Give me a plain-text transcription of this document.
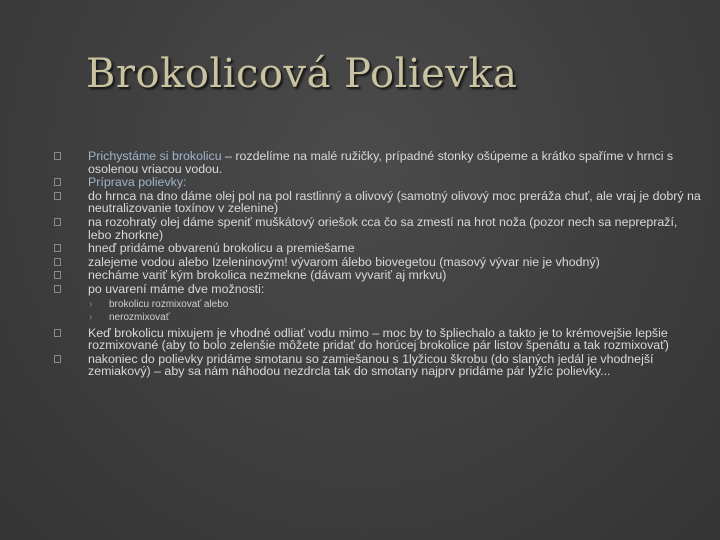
Brokolicová Polievka
Prichystáme si brokolicu – rozdelíme na malé ružičky, prípadné stonky ošúpeme a krátko spaříme v hrnci s osolenou vriacou vodou.
Príprava polievky:
do hrnca na dno dáme olej pol na pol rastlinný a olivový (samotný olivový moc preráža chuť, ale vraj je dobrý na neutralizovanie toxínov v zelenine)
na rozohratý olej dáme speniť muškátový oriešok cca čo sa zmestí na hrot noža (pozor nech sa neprepraží, lebo zhorkne)
hneď pridáme obvarenú brokolicu a premiešame
zalejeme vodou alebo Izeleninovým! vývarom álebo biovegetou (masový vývar nie je vhodný)
necháme variť kým brokolica nezmekne (dávam vyvariť aj mrkvu)
po uvarení máme dve možnosti:
› brokolicu rozmixovať alebo
› nerozmixovať
Keď brokolicu mixujem je vhodné odliať vodu mimo – moc by to špliechalo a takto je to krémovejšie lepšie rozmixované (aby to bolo zelenšie môžete pridať do horúcej brokolice pár listov špenátu a tak rozmixovať)
nakoniec do polievky pridáme smotanu so zamiešanou s 1lyžicou škrobu (do slaných jedál je vhodnejší zemiakový) – aby sa nám náhodou nezdrcla tak do smotany najprv pridáme pár lyžíc polievky...
